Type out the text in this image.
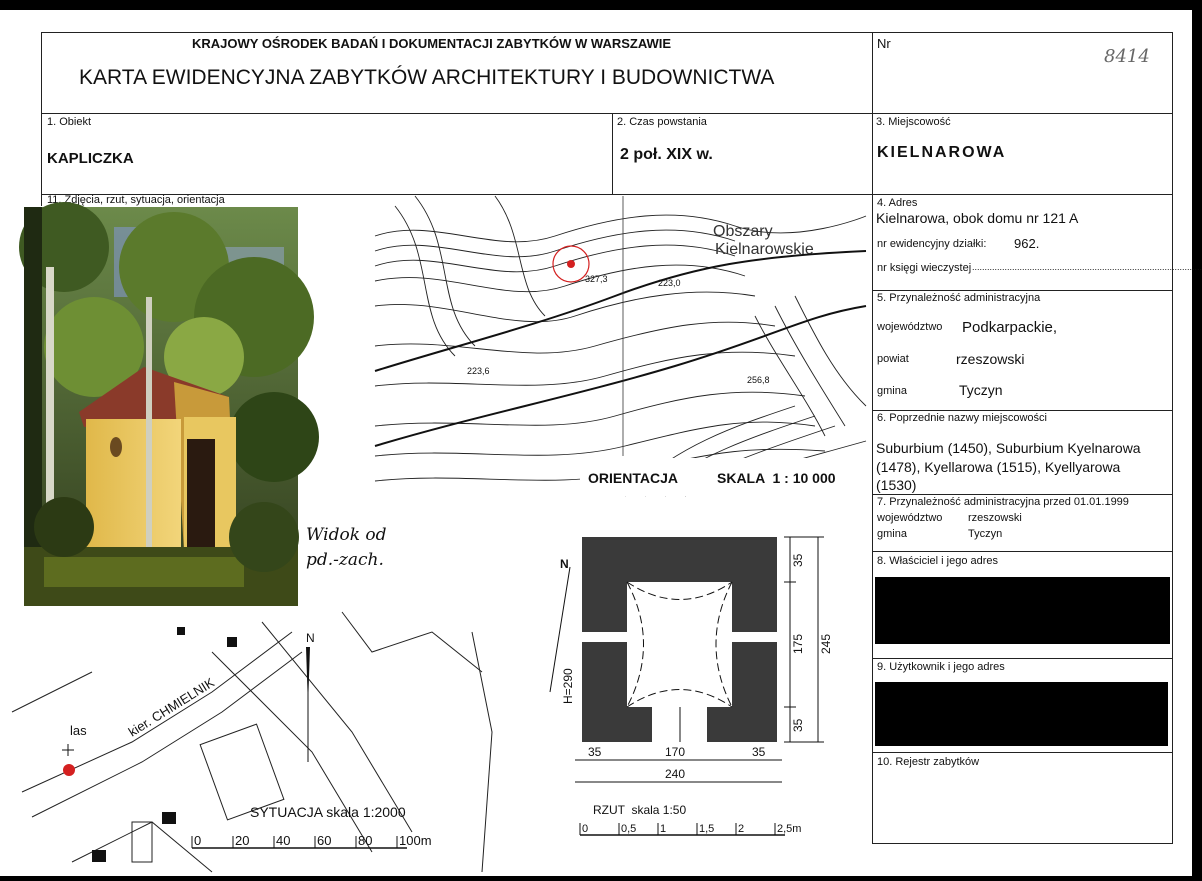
KRAJOWY OŚRODEK BADAŃ I DOKUMENTACJI ZABYTKÓW W WARSZAWIE
KARTA EWIDENCYJNA ZABYTKÓW ARCHITEKTURY I BUDOWNICTWA
Nr
8414
1. Obiekt
KAPLICZKA
2. Czas powstania
2 poł. XIX w.
3. Miejscowość
KIELNAROWA
11. Zdjęcia, rzut, sytuacja, orientacja	4. Adres
Kielnarowa, obok domu nr 121 A
nr ewidencyjny działki: 962.
nr księgi wieczystej ............................................................................................
5. Przynależność administracyjna
województwo Podkarpackie,
powiat	rzeszowski
gmina	Tyczyn
6. Poprzednie nazwy miejscowości
Suburbium (1450), Suburbium Kyelnarowa
(1478), Kyellarowa (1515), Kyellyarowa
(1530)
7. Przynależność administracyjna przed 01.01.1999
województwo rzeszowski
gmina	Tyczyn
8. Właściciel i jego adres
9. Użytkownik i jego adres
10. Rejestr zabytków
Widok od
pd.-zach.
Obszary
Kielnarowskie
327,3	223,0
223,6
256,8
ORIENTACJA	SKALA  1 : 10 000
las	kier. CHMIELNIK
N
SYTUACJA skala 1:2000
0	20 40 60 80 100m
35
175 245
35
35	170	35
240
N
H=290
RZUT  skala 1:50
0	0,5 1	1,5 2	2,5m
